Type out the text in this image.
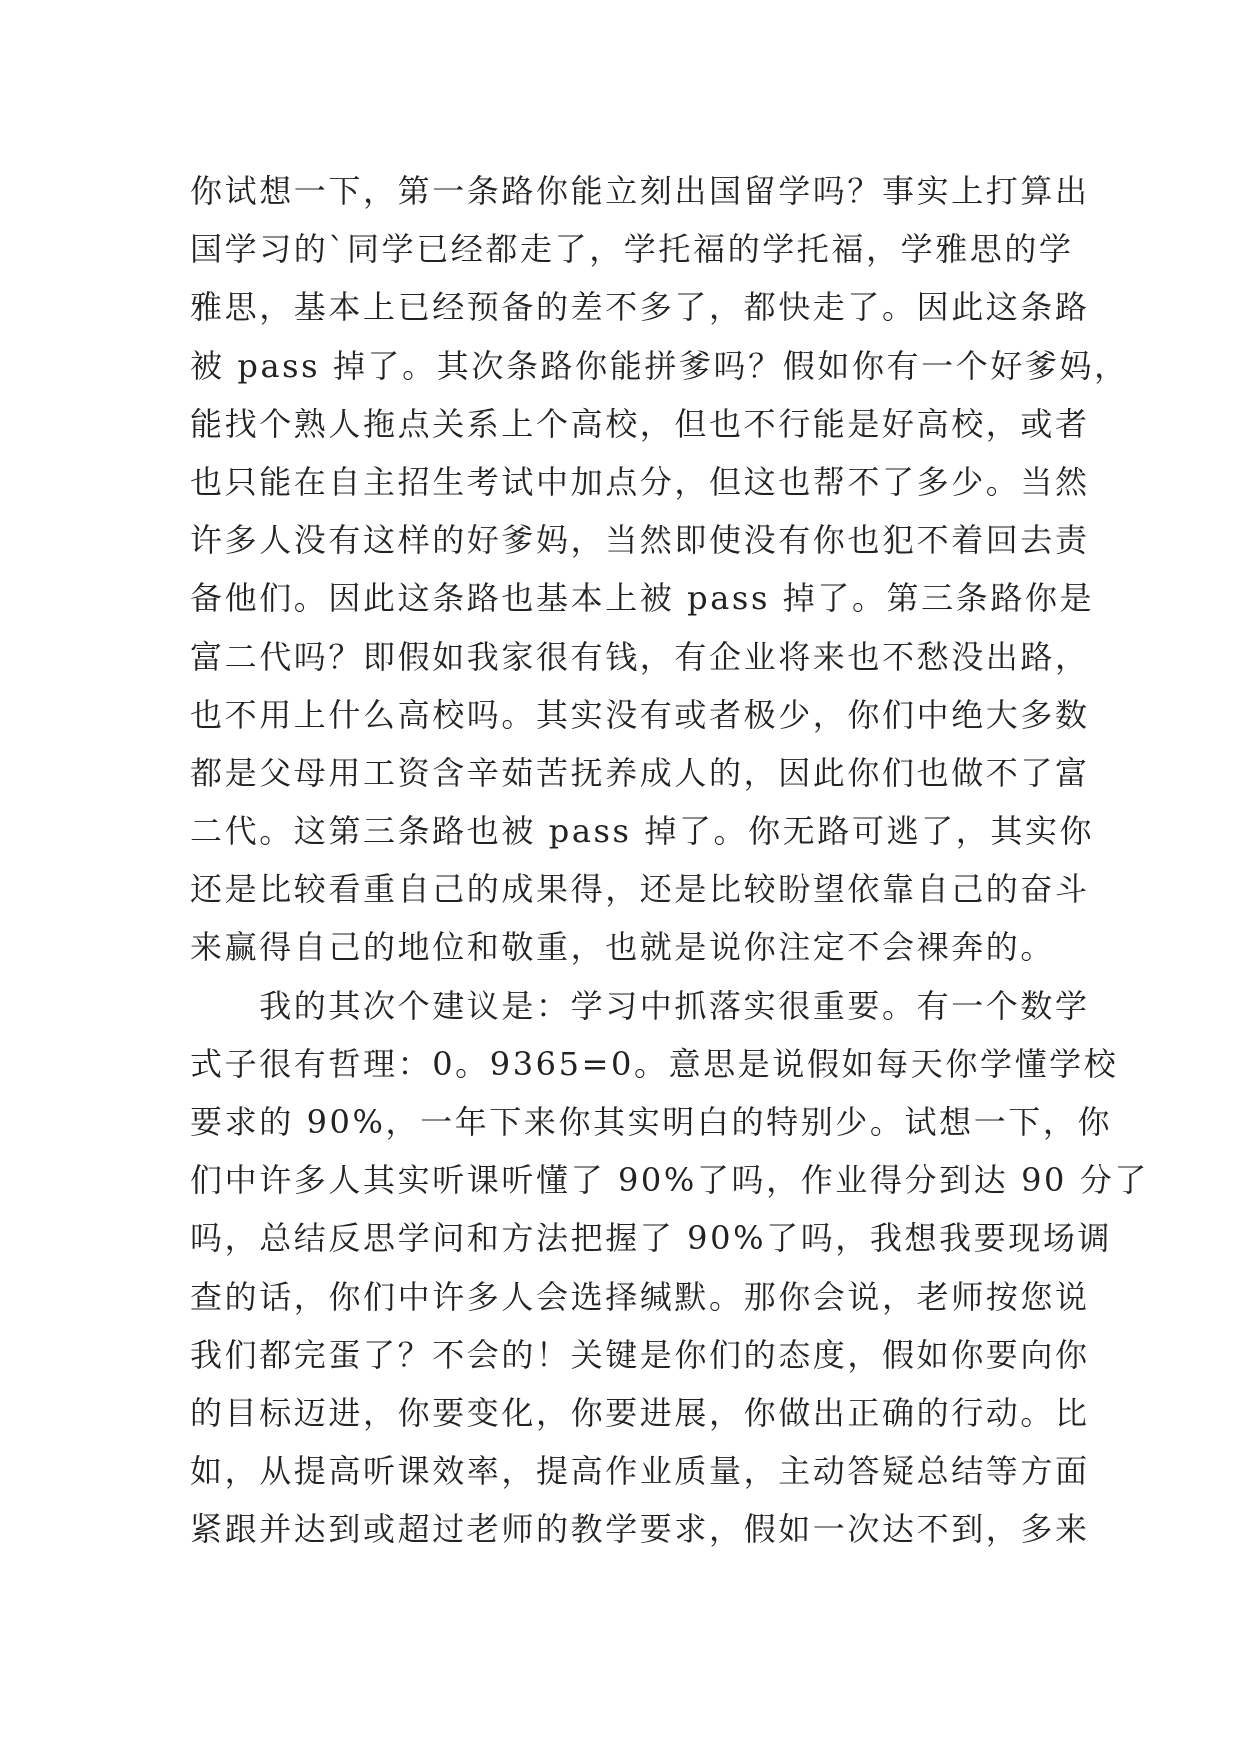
你试想一下，第一条路你能立刻出国留学吗？事实上打算出
国学习的`同学已经都走了，学托福的学托福，学雅思的学
雅思，基本上已经预备的差不多了，都快走了。因此这条路
被 pass 掉了。其次条路你能拼爹吗？假如你有一个好爹妈，
能找个熟人拖点关系上个高校，但也不行能是好高校，或者
也只能在自主招生考试中加点分，但这也帮不了多少。当然
许多人没有这样的好爹妈，当然即使没有你也犯不着回去责
备他们。因此这条路也基本上被 pass 掉了。第三条路你是
富二代吗？即假如我家很有钱，有企业将来也不愁没出路，
也不用上什么高校吗。其实没有或者极少，你们中绝大多数
都是父母用工资含辛茹苦抚养成人的，因此你们也做不了富
二代。这第三条路也被 pass 掉了。你无路可逃了，其实你
还是比较看重自己的成果得，还是比较盼望依靠自己的奋斗
来赢得自己的地位和敬重，也就是说你注定不会裸奔的。
　　我的其次个建议是：学习中抓落实很重要。有一个数学
式子很有哲理：0。9365=0。意思是说假如每天你学懂学校
要求的 90%，一年下来你其实明白的特别少。试想一下，你
们中许多人其实听课听懂了 90%了吗，作业得分到达 90 分了
吗，总结反思学问和方法把握了 90%了吗，我想我要现场调
查的话，你们中许多人会选择缄默。那你会说，老师按您说
我们都完蛋了？不会的！关键是你们的态度，假如你要向你
的目标迈进，你要变化，你要进展，你做出正确的行动。比
如，从提高听课效率，提高作业质量，主动答疑总结等方面
紧跟并达到或超过老师的教学要求，假如一次达不到，多来
